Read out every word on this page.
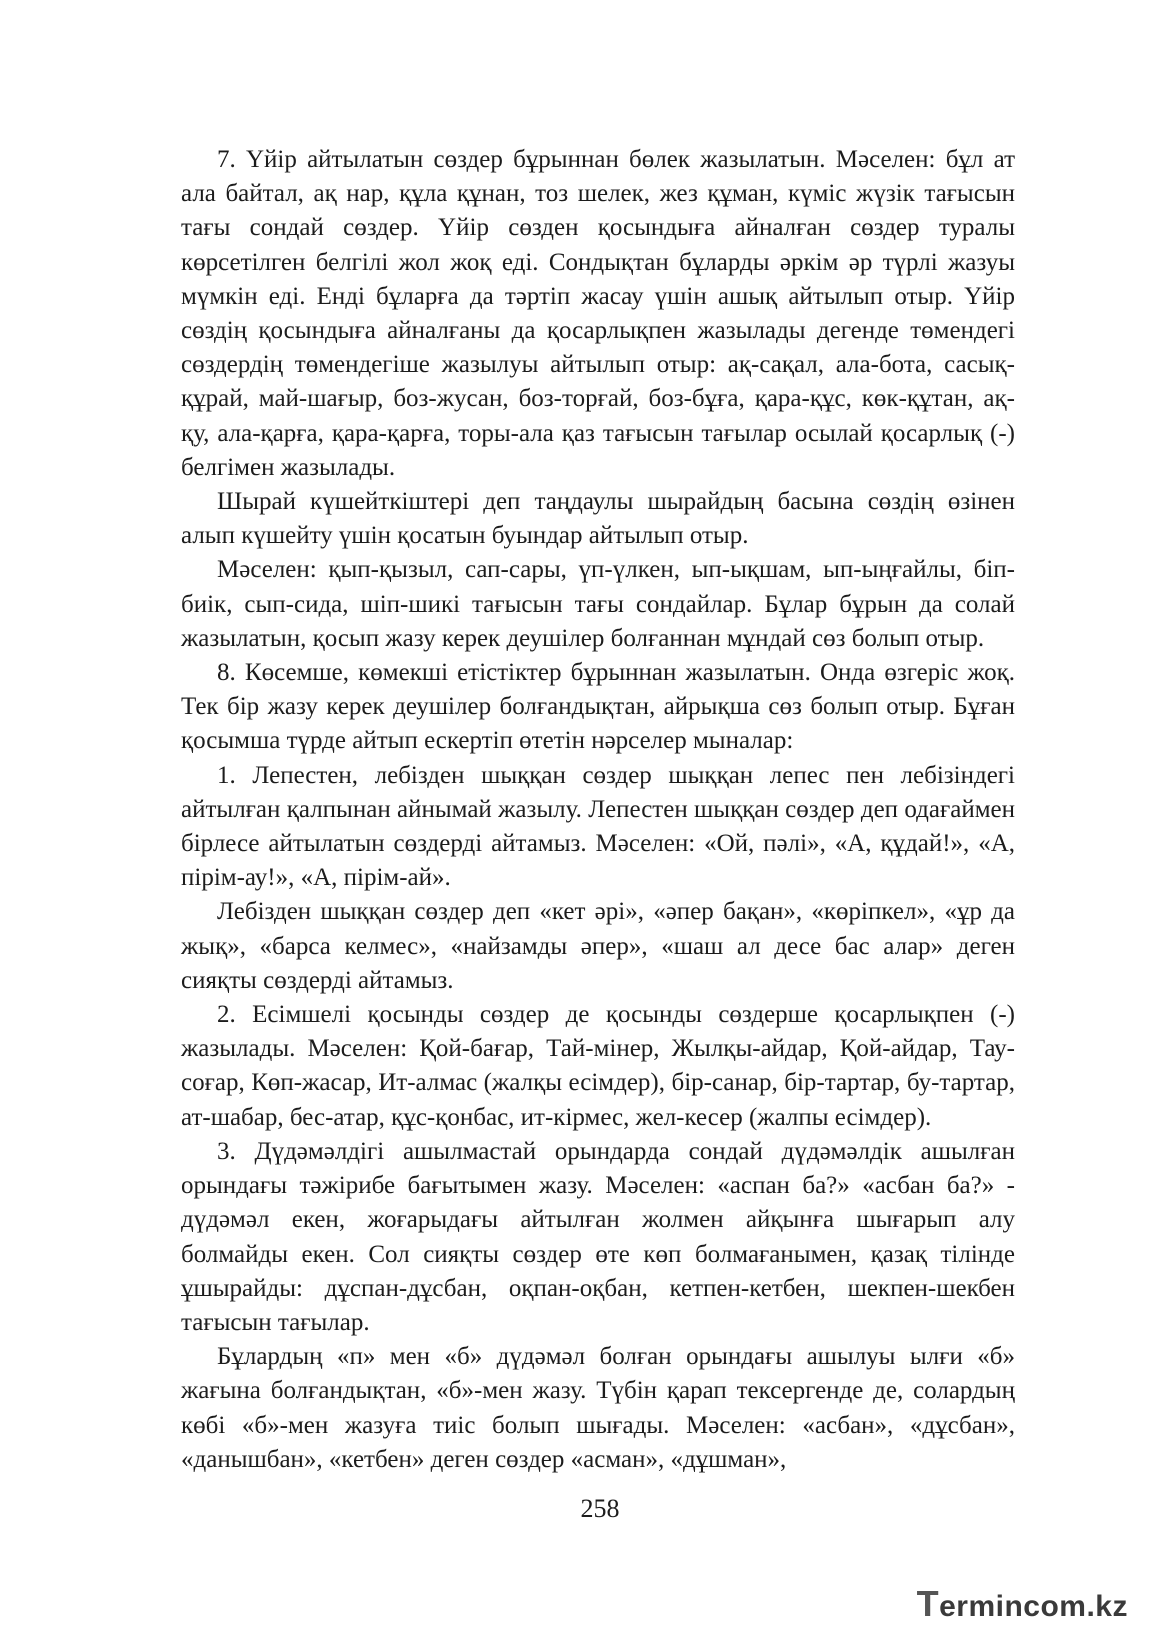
7. Үйір айтылатын сөздер бұрыннан бөлек жазылатын. Мәселен: бұл ат ала байтал, ақ нар, құла құнан, тоз шелек, жез құман, күміс жүзік тағысын тағы сондай сөздер. Үйір сөзден қосындыға айналған сөздер туралы көрсетілген белгілі жол жоқ еді. Сондықтан бұларды әркім әр түрлі жазуы мүмкін еді. Енді бұларға да тәртіп жасау үшін ашық айтылып отыр. Үйір сөздің қосындыға айналғаны да қосарлықпен жазылады дегенде төмендегі сөздердің төмендегіше жазылуы айтылып отыр: ақ-сақал, ала-бота, сасық-құрай, май-шағыр, боз-жусан, боз-торғай, боз-бұға, қара-құс, көк-құтан, ақ-қу, ала-қарға, қара-қарға, торы-ала қаз тағысын тағылар осылай қосарлық (-) белгімен жазылады.

Шырай күшейткіштері деп таңдаулы шырайдың басына сөздің өзінен алып күшейту үшін қосатын буындар айтылып отыр.

Мәселен: қып-қызыл, сап-сары, үп-үлкен, ып-ықшам, ып-ыңғайлы, біп-биік, сып-сида, шіп-шикі тағысын тағы сондайлар. Бұлар бұрын да солай жазылатын, қосып жазу керек деушілер болғаннан мұндай сөз болып отыр.

8. Көсемше, көмекші етістіктер бұрыннан жазылатын. Онда өзгеріс жоқ. Тек бір жазу керек деушілер болғандықтан, айрықша сөз болып отыр. Бұған қосымша түрде айтып ескертіп өтетін нәрселер мыналар:

1. Лепестен, лебізден шыққан сөздер шыққан лепес пен лебізіндегі айтылған қалпынан айнымай жазылу. Лепестен шыққан сөздер деп одағаймен бірлесе айтылатын сөздерді айтамыз. Мәселен: «Ой, пәлі», «А, құдай!», «А, пірім-ау!», «А, пірім-ай».

Лебізден шыққан сөздер деп «кет әрі», «әпер бақан», «көріпкел», «ұр да жық», «барса келмес», «найзамды әпер», «шаш ал десе бас алар» деген сияқты сөздерді айтамыз.

2. Есімшелі қосынды сөздер де қосынды сөздерше қосарлықпен (-) жазылады. Мәселен: Қой-бағар, Тай-мінер, Жылқы-айдар, Қой-айдар, Тау-соғар, Көп-жасар, Ит-алмас (жалқы есімдер), бір-санар, бір-тартар, бу-тартар, ат-шабар, бес-атар, құс-қонбас, ит-кірмес, жел-кесер (жалпы есімдер).

3. Дүдәмәлдігі ашылмастай орындарда сондай дүдәмәлдік ашылған орындағы тәжірибе бағытымен жазу. Мәселен: «аспан ба?» «асбан ба?» - дүдәмәл екен, жоғарыдағы айтылған жолмен айқынға шығарып алу болмайды екен. Сол сияқты сөздер өте көп болмағанымен, қазақ тілінде ұшырайды: дұспан-дұсбан, оқпан-оқбан, кетпен-кетбен, шекпен-шекбен тағысын тағылар.

Бұлардың «п» мен «б» дүдәмәл болған орындағы ашылуы ылғи «б» жағына болғандықтан, «б»-мен жазу. Түбін қарап тексергенде де, солардың көбі «б»-мен жазуға тиіс болып шығады. Мәселен: «асбан», «дұсбан», «данышбан», «кетбен» деген сөздер «асман», «дұшман»,

258
Termincom.kz
